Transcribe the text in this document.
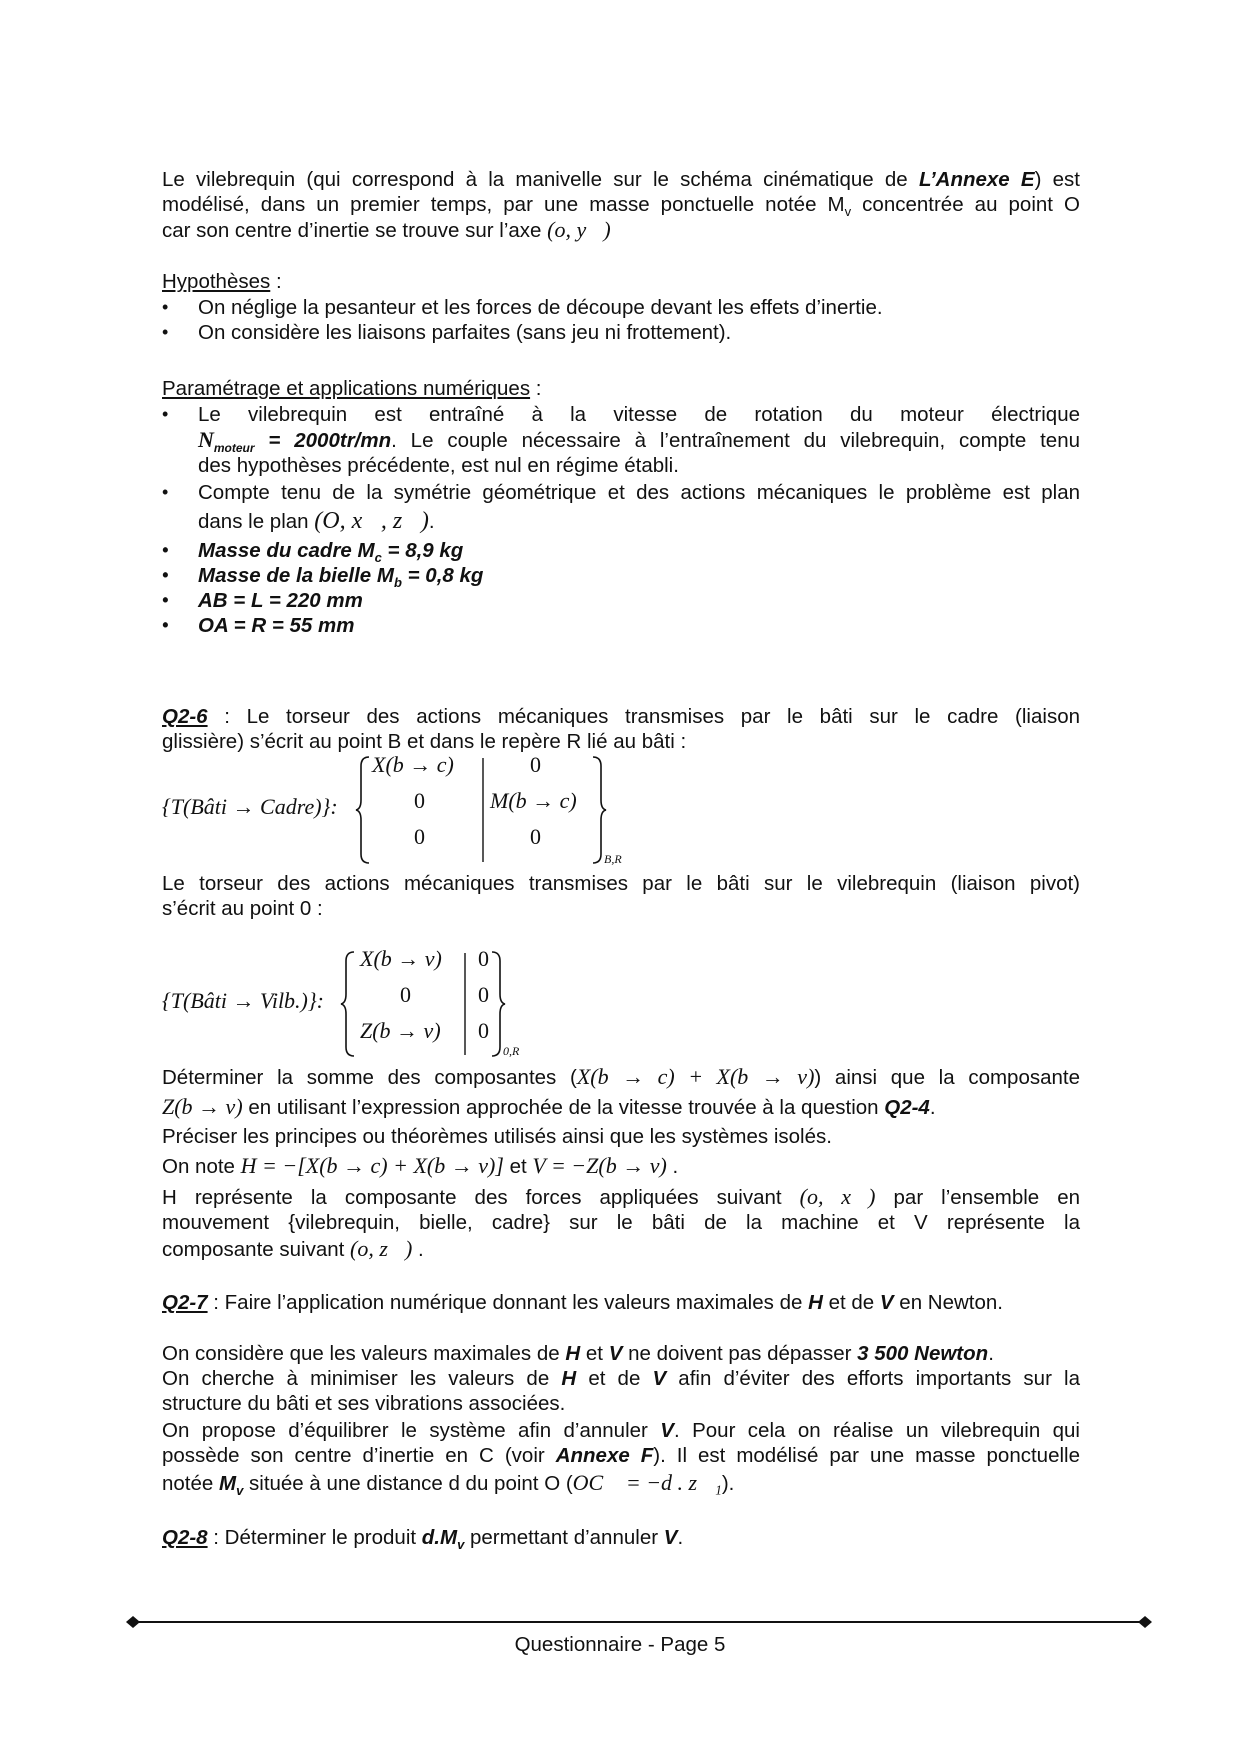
Le vilebrequin (qui correspond à la manivelle sur le schéma cinématique de L’Annexe E) est
modélisé, dans un premier temps, par une masse ponctuelle notée $M_v$ concentrée au point O
car son centre d’inertie se trouve sur l’axe (o, y⃗)
Hypothèses :
• On néglige la pesanteur et les forces de découpe devant les effets d’inertie.
• On considère les liaisons parfaites (sans jeu ni frottement).
Paramétrage et applications numériques :
• Le vilebrequin est entraîné à la vitesse de rotation du moteur électrique
$N_{moteur} = 2000tr/mn$. Le couple nécessaire à l’entraînement du vilebrequin, compte tenu
des hypothèses précédente, est nul en régime établi.
• Compte tenu de la symétrie géométrique et des actions mécaniques le problème est plan
dans le plan (O, x⃗, z⃗).
• Masse du cadre $M_c = 8,9$ kg
• Masse de la bielle $M_b = 0,8$ kg
• AB = L = 220 mm
• OA = R = 55 mm
Q2-6 : Le torseur des actions mécaniques transmises par le bâti sur le cadre (liaison
glissière) s’écrit au point B et dans le repère R lié au bâti :
{T(Bâti → Cadre)}:
X(b → c)	0
0	M(b → c)
0	0
B,R
Le torseur des actions mécaniques transmises par le bâti sur le vilebrequin (liaison pivot)
s’écrit au point 0 :
{T(Bâti → Vilb.)}:
X(b → v) 0
0	0
Z(b → v) 0
0,R
Déterminer la somme des composantes (X(b → c) + X(b → v)) ainsi que la composante
Z(b → v) en utilisant l’expression approchée de la vitesse trouvée à la question Q2-4.
Préciser les principes ou théorèmes utilisés ainsi que les systèmes isolés.
On note H = −[X(b → c) + X(b → v)] et V = −Z(b → v) .
H représente la composante des forces appliquées suivant (o, x⃗) par l’ensemble en
mouvement {vilebrequin, bielle, cadre} sur le bâti de la machine et V représente la
composante suivant (o, z⃗) .
Q2-7 : Faire l’application numérique donnant les valeurs maximales de H et de V en Newton.
On considère que les valeurs maximales de H et V ne doivent pas dépasser 3 500 Newton.
On cherche à minimiser les valeurs de H et de V afin d’éviter des efforts importants sur la
structure du bâti et ses vibrations associées.
On propose d’équilibrer le système afin d’annuler V. Pour cela on réalise un vilebrequin qui
possède son centre d’inertie en C (voir Annexe F). Il est modélisé par une masse ponctuelle
notée $M_v$ située à une distance d du point O (OC⃗ = −d . z⃗₁).
Q2-8 : Déterminer le produit $d.M_v$ permettant d’annuler V.
Questionnaire - Page 5
